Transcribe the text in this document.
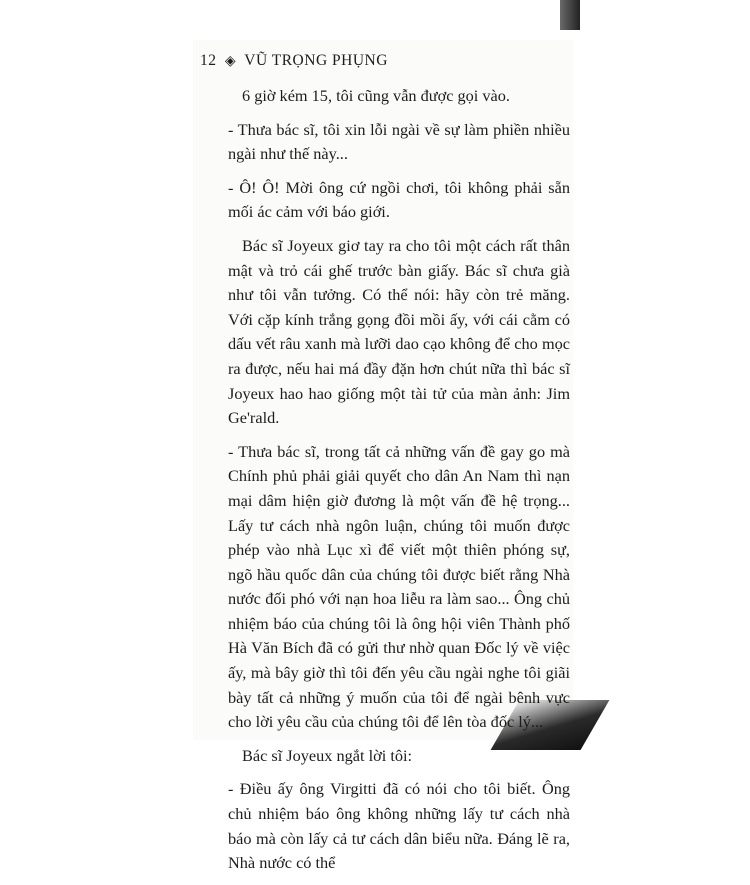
12 ◈ VŨ TRỌNG PHỤNG

6 giờ kém 15, tôi cũng vẫn được gọi vào.

- Thưa bác sĩ, tôi xin lỗi ngài về sự làm phiền nhiều ngài như thế này...

- Ô! Ô! Mời ông cứ ngồi chơi, tôi không phải sẵn mối ác cảm với báo giới.

Bác sĩ Joyeux giơ tay ra cho tôi một cách rất thân mật và trỏ cái ghế trước bàn giấy. Bác sĩ chưa già như tôi vẫn tưởng. Có thể nói: hãy còn trẻ măng. Với cặp kính trắng gọng đồi mồi ấy, với cái cằm có dấu vết râu xanh mà lưỡi dao cạo không để cho mọc ra được, nếu hai má đầy đặn hơn chút nữa thì bác sĩ Joyeux hao hao giống một tài tử của màn ảnh: Jim Ge'rald.

- Thưa bác sĩ, trong tất cả những vấn đề gay go mà Chính phủ phải giải quyết cho dân An Nam thì nạn mại dâm hiện giờ đương là một vấn đề hệ trọng... Lấy tư cách nhà ngôn luận, chúng tôi muốn được phép vào nhà Lục xì để viết một thiên phóng sự, ngõ hầu quốc dân của chúng tôi được biết rằng Nhà nước đối phó với nạn hoa liễu ra làm sao... Ông chủ nhiệm báo của chúng tôi là ông hội viên Thành phố Hà Văn Bích đã có gửi thư nhờ quan Đốc lý về việc ấy, mà bây giờ thì tôi đến yêu cầu ngài nghe tôi giãi bày tất cả những ý muốn của tôi để ngài bênh vực cho lời yêu cầu của chúng tôi để lên tòa đốc lý...

Bác sĩ Joyeux ngắt lời tôi:

- Điều ấy ông Virgitti đã có nói cho tôi biết. Ông chủ nhiệm báo ông không những lấy tư cách nhà báo mà còn lấy cả tư cách dân biểu nữa. Đáng lẽ ra, Nhà nước có thể
